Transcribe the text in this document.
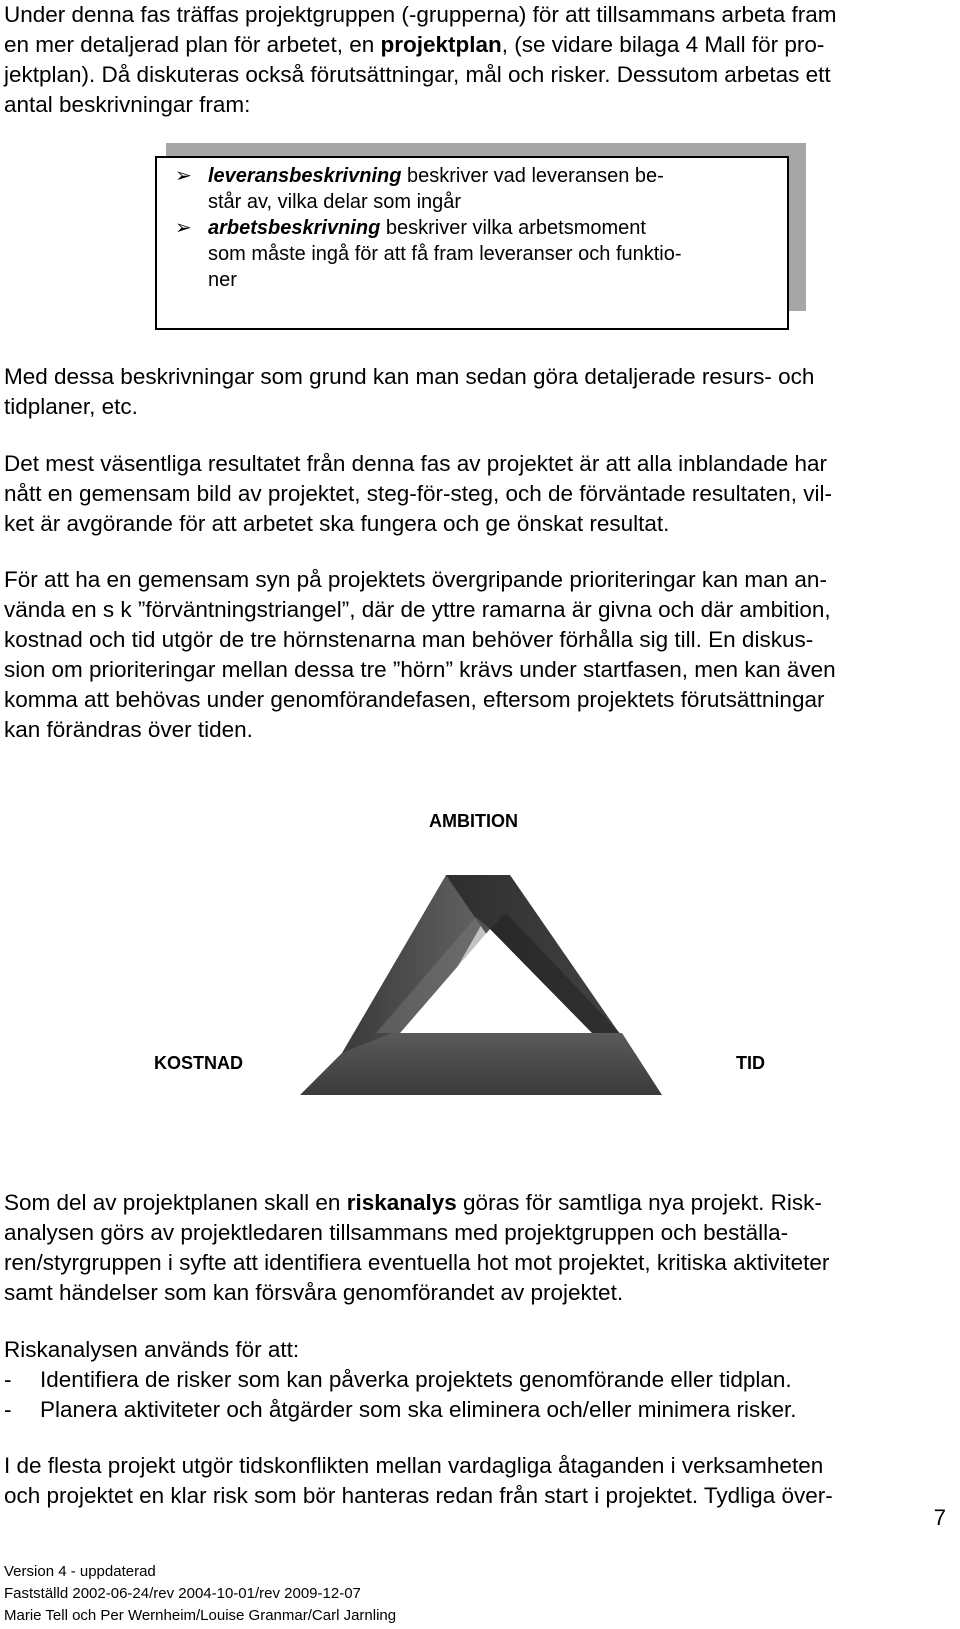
Under denna fas träffas projektgruppen (-grupperna) för att tillsammans arbeta fram
en mer detaljerad plan för arbetet, en projektplan, (se vidare bilaga 4 Mall för pro-
jektplan). Då diskuteras också förutsättningar, mål och risker. Dessutom arbetas ett
antal beskrivningar fram:
➢ leveransbeskrivning beskriver vad leveransen be-
står av, vilka delar som ingår
➢ arbetsbeskrivning beskriver vilka arbetsmoment
som måste ingå för att få fram leveranser och funktio-
ner
Med dessa beskrivningar som grund kan man sedan göra detaljerade resurs- och
tidplaner, etc.
Det mest väsentliga resultatet från denna fas av projektet är att alla inblandade har
nått en gemensam bild av projektet, steg-för-steg, och de förväntade resultaten, vil-
ket är avgörande för att arbetet ska fungera och ge önskat resultat.
För att ha en gemensam syn på projektets övergripande prioriteringar kan man an-
vända en s k ”förväntningstriangel”, där de yttre ramarna är givna och där ambition,
kostnad och tid utgör de tre hörnstenarna man behöver förhålla sig till. En diskus-
sion om prioriteringar mellan dessa tre ”hörn” krävs under startfasen, men kan även
komma att behövas under genomförandefasen, eftersom projektets förutsättningar
kan förändras över tiden.
AMBITION
KOSTNAD	TID
Som del av projektplanen skall en riskanalys göras för samtliga nya projekt. Risk-
analysen görs av projektledaren tillsammans med projektgruppen och beställa-
ren/styrgruppen i syfte att identifiera eventuella hot mot projektet, kritiska aktiviteter
samt händelser som kan försvåra genomförandet av projektet.
Riskanalysen används för att:
- Identifiera de risker som kan påverka projektets genomförande eller tidplan.
- Planera aktiviteter och åtgärder som ska eliminera och/eller minimera risker.
I de flesta projekt utgör tidskonflikten mellan vardagliga åtaganden i verksamheten
och projektet en klar risk som bör hanteras redan från start i projektet. Tydliga över-
7
Version 4 - uppdaterad
Fastställd 2002-06-24/rev 2004-10-01/rev 2009-12-07
Marie Tell och Per Wernheim/Louise Granmar/Carl Jarnling
